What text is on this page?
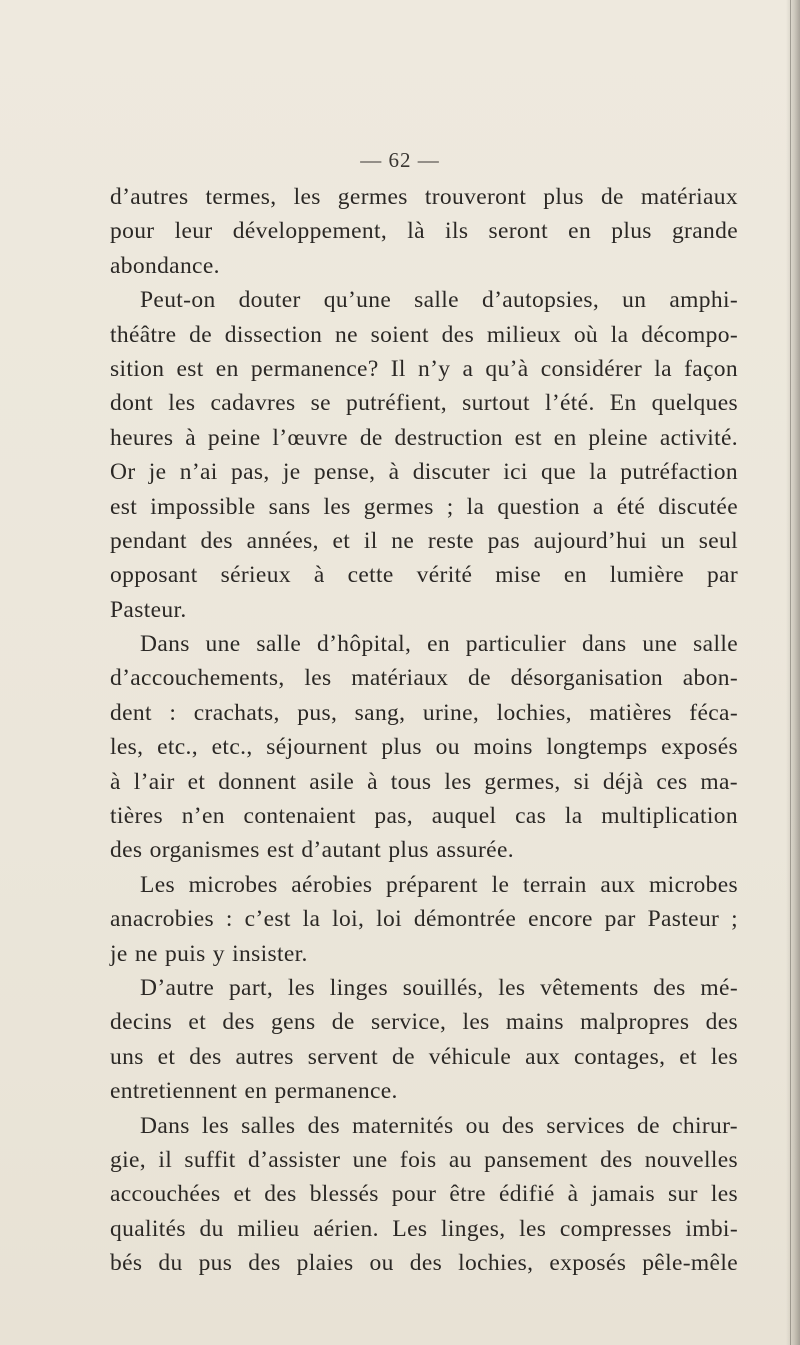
— 62 —
d’autres termes, les germes trouveront plus de matériaux
pour leur développement, là ils seront en plus grande
abondance.
Peut-on douter qu’une salle d’autopsies, un amphi-
théâtre de dissection ne soient des milieux où la décompo-
sition est en permanence? Il n’y a qu’à considérer la façon
dont les cadavres se putréfient, surtout l’été. En quelques
heures à peine l’œuvre de destruction est en pleine activité.
Or je n’ai pas, je pense, à discuter ici que la putréfaction
est impossible sans les germes ; la question a été discutée
pendant des années, et il ne reste pas aujourd’hui un seul
opposant sérieux à cette vérité mise en lumière par
Pasteur.
Dans une salle d’hôpital, en particulier dans une salle
d’accouchements, les matériaux de désorganisation abon-
dent : crachats, pus, sang, urine, lochies, matières féca-
les, etc., etc., séjournent plus ou moins longtemps exposés
à l’air et donnent asile à tous les germes, si déjà ces ma-
tières n’en contenaient pas, auquel cas la multiplication
des organismes est d’autant plus assurée.
Les microbes aérobies préparent le terrain aux microbes
anacrobies : c’est la loi, loi démontrée encore par Pasteur ;
je ne puis y insister.
D’autre part, les linges souillés, les vêtements des mé-
decins et des gens de service, les mains malpropres des
uns et des autres servent de véhicule aux contages, et les
entretiennent en permanence.
Dans les salles des maternités ou des services de chirur-
gie, il suffit d’assister une fois au pansement des nouvelles
accouchées et des blessés pour être édifié à jamais sur les
qualités du milieu aérien. Les linges, les compresses imbi-
bés du pus des plaies ou des lochies, exposés pêle-mêle
